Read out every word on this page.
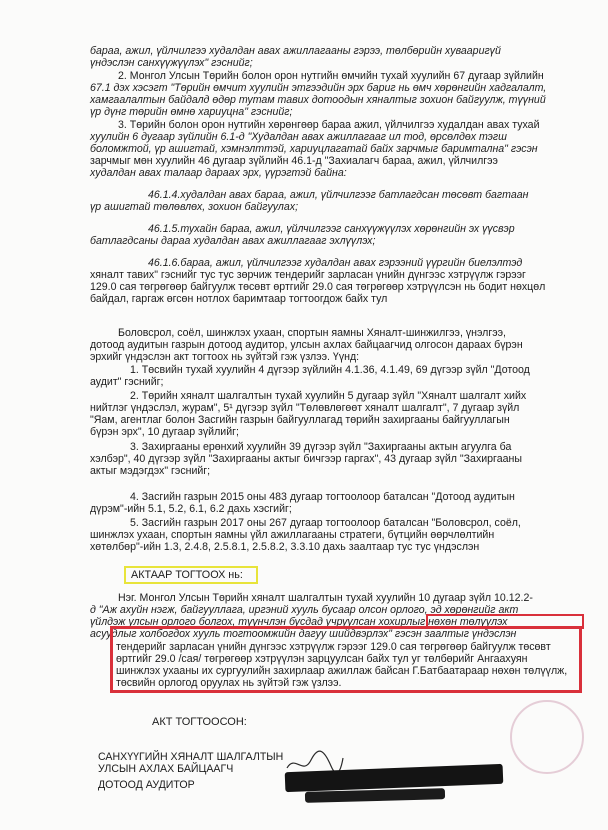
бараа, ажил, үйлчилгээ худалдан авах ажиллагааны гэрээ, төлбөрийн хувааригүй
үндэслэн санхүүжүүлэх" гэснийг;
2. Монгол Улсын Төрийн болон орон нутгийн өмчийн тухай хуулийн 67 дугаар зүйлийн
67.1 дэх хэсэгт "Төрийн өмчит хуулийн этгээдийн эрх бариг нь өмч хөрөнгийн хадгалалт,
хамгаалалтын байдалд өдөр тутам тавих дотоодын хяналтыг зохион байгуулж, түүний
үр дүнг төрийн өмнө хариуцна" гэснийг;
3. Төрийн болон орон нутгийн хөрөнгөөр бараа ажил, үйлчилгээ худалдан авах тухай
хуулийн 6 дугаар зүйлийн 6.1-д "Худалдан авах ажиллагааг ил тод, өрсөлдөх тэгш
боломжтой, үр ашигтай, хэмнэлттэй, хариуцлагатай байх зарчмыг баримтална" гэсэн
зарчмыг мөн хуулийн 46 дугаар зүйлийн 46.1-д "Захиалагч бараа, ажил, үйлчилгээ
худалдан авах талаар дараах эрх, үүрэгтэй байна:
46.1.4.худалдан авах бараа, ажил, үйлчилгээг батлагдсан төсөвт багтаан
үр ашигтай төлөвлөх, зохион байгуулах;
46.1.5.тухайн бараа, ажил, үйлчилгээг санхүүжүүлэх хөрөнгийн эх үүсвэр
батлагдсаны дараа худалдан авах ажиллагааг эхлүүлэх;
46.1.6.бараа, ажил, үйлчилгээг худалдан авах гэрээний үүргийн биелэлтэд
хяналт тавих" гэснийг тус тус зөрчиж тендерийг зарласан үнийн дүнгээс хэтрүүлж гэрээг
129.0 сая төгрөгөөр байгуулж төсөвт өртгийг 29.0 сая төгрөгөөр хэтрүүлсэн нь бодит нөхцөл
байдал, гаргаж өгсөн нотлох баримтаар тогтоогдож байх тул
Боловсрол, соёл, шинжлэх ухаан, спортын яамны Хяналт-шинжилгээ, үнэлгээ,
дотоод аудитын газрын дотоод аудитор, улсын ахлах байцаагчид олгосон дараах бүрэн
эрхийг үндэслэн акт тогтоох нь зүйтэй гэж үзлээ. Үүнд:
1. Төсвийн тухай хуулийн 4 дүгээр зүйлийн 4.1.36, 4.1.49, 69 дүгээр зүйл "Дотоод
аудит" гэснийг;
2. Төрийн хяналт шалгалтын тухай хуулийн 5 дугаар зүйл "Хяналт шалгалт хийх
нийтлэг үндэслэл, журам", 5¹ дүгээр зүйл "Төлөвлөгөөт хяналт шалгалт", 7 дугаар зүйл
"Яам, агентлаг болон Засгийн газрын байгууллагад төрийн захиргааны байгууллагын
бүрэн эрх", 10 дугаар зүйлийг;
3. Захиргааны ерөнхий хуулийн 39 дүгээр зүйл "Захиргааны актын агуулга ба
хэлбэр", 40 дүгээр зүйл "Захиргааны актыг бичгээр гаргах", 43 дугаар зүйл "Захиргааны
актыг мэдэгдэх" гэснийг;
4. Засгийн газрын 2015 оны 483 дугаар тогтоолоор баталсан "Дотоод аудитын
дүрэм"-ийн 5.1, 5.2, 6.1, 6.2 дахь хэсгийг;
5. Засгийн газрын 2017 оны 267 дугаар тогтоолоор баталсан "Боловсрол, соёл,
шинжлэх ухаан, спортын яамны үйл ажиллагааны стратеги, бүтцийн өөрчлөлтийн
хөтөлбөр"-ийн 1.3, 2.4.8, 2.5.8.1, 2.5.8.2, 3.3.10 дахь заалтаар тус тус үндэслэн
АКТААР ТОГТООХ нь:
Нэг. Монгол Улсын Төрийн хяналт шалгалтын тухай хуулийн 10 дугаар зүйл 10.12.2-
д "Аж ахуйн нэгж, байгууллага, иргэний хууль бусаар олсон орлого, эд хөрөнгийг акт
үйлдэж улсын орлого болгох, түүнчлэн бусдад учруулсан хохирлыг нөхөн төлүүлэх
асуудлыг холбогдох хууль тогтоомжийн дагуу шийдвэрлэх" гэсэн заалтыг үндэслэн
тендерийг зарласан үнийн дүнгээс хэтрүүлж гэрээг 129.0 сая төгрөгөөр байгуулж төсөвт
өртгийг 29.0 /сая/ төгрөгөөр хэтрүүлэн зарцуулсан байх тул уг төлбөрийг Ангаахуян
шинжлэх ухааны их сургуулийн захирлаар ажиллаж байсан Г.Батбаатараар нөхөн төлүүлж,
төсвийн орлогод оруулах нь зүйтэй гэж үзлээ.
АКТ ТОГТООСОН:
САНХҮҮГИЙН ХЯНАЛТ ШАЛГАЛТЫН
УЛСЫН АХЛАХ БАЙЦААГЧ
ДОТООД АУДИТОР
